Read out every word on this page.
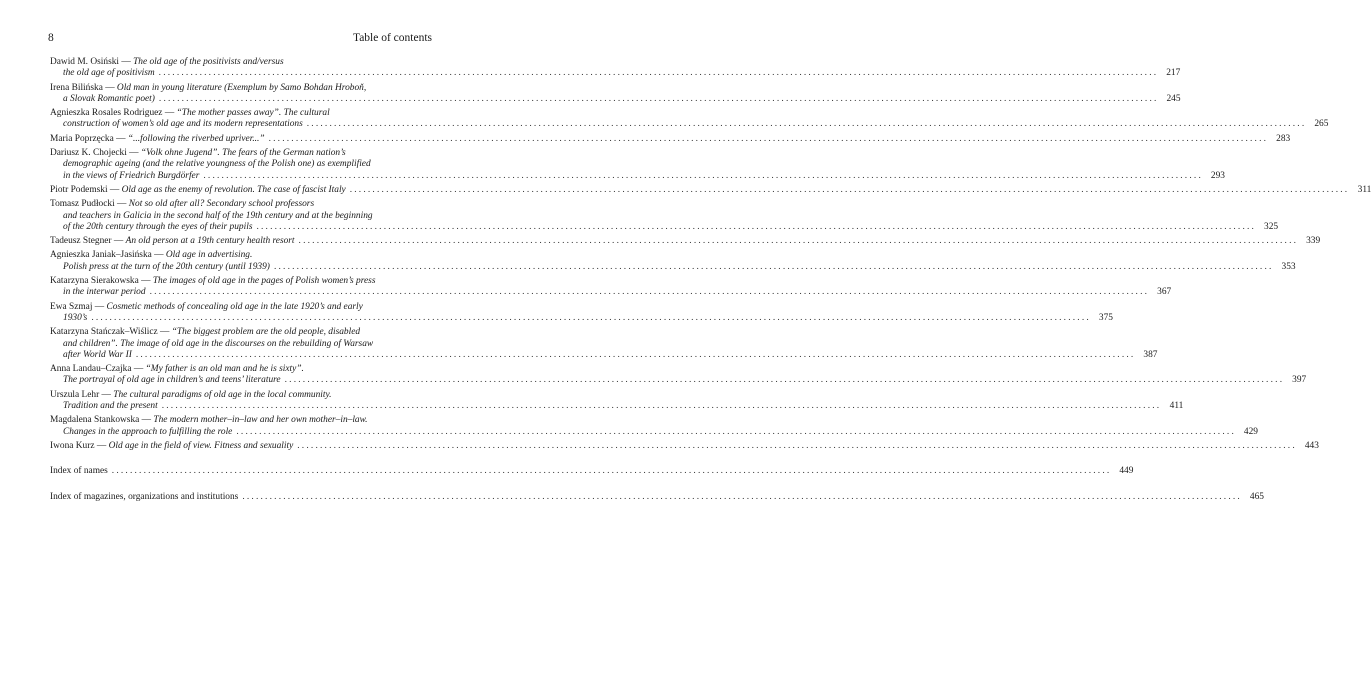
8	Table of contents
Dawid M. Osiński — The old age of the positivists and/versus
the old age of positivism ............................................................................................................................................................................................................................ 217
Irena Bilińska — Old man in young literature (Exemplum by Samo Bohdan Hroboň,
a Slovak Romantic poet) ............................................................................................................................................................................................................................ 245
Agnieszka Rosales Rodriguez — “The mother passes away”. The cultural
construction of women’s old age and its modern representations ............................................................................................................................................................................................................................ 265
Maria Poprzęcka — “...following the riverbed upriver...” ............................................................................................................................................................................................................................ 283
Dariusz K. Chojecki — “Volk ohne Jugend”. The fears of the German nation’s
demographic ageing (and the relative youngness of the Polish one) as exemplified
in the views of Friedrich Burgdörfer ............................................................................................................................................................................................................................ 293
Piotr Podemski — Old age as the enemy of revolution. The case of fascist Italy ............................................................................................................................................................................................................................ 311
Tomasz Pudłocki — Not so old after all? Secondary school professors
and teachers in Galicia in the second half of the 19th century and at the beginning
of the 20th century through the eyes of their pupils ............................................................................................................................................................................................................................ 325
Tadeusz Stegner — An old person at a 19th century health resort ............................................................................................................................................................................................................................ 339
Agnieszka Janiak–Jasińska — Old age in advertising.
Polish press at the turn of the 20th century (until 1939) ............................................................................................................................................................................................................................ 353
Katarzyna Sierakowska — The images of old age in the pages of Polish women’s press
in the interwar period ............................................................................................................................................................................................................................ 367
Ewa Szmaj — Cosmetic methods of concealing old age in the late 1920’s and early
1930’s ............................................................................................................................................................................................................................ 375
Katarzyna Stańczak–Wiślicz — “The biggest problem are the old people, disabled
and children”. The image of old age in the discourses on the rebuilding of Warsaw
after World War II ............................................................................................................................................................................................................................ 387
Anna Landau–Czajka — “My father is an old man and he is sixty”.
The portrayal of old age in children’s and teens’ literature ............................................................................................................................................................................................................................ 397
Urszula Lehr — The cultural paradigms of old age in the local community.
Tradition and the present ............................................................................................................................................................................................................................ 411
Magdalena Stankowska — The modern mother–in–law and her own mother–in–law.
Changes in the approach to fulfilling the role ............................................................................................................................................................................................................................ 429
Iwona Kurz — Old age in the field of view. Fitness and sexuality ............................................................................................................................................................................................................................ 443
Index of names ............................................................................................................................................................................................................................ 449
Index of magazines, organizations and institutions ............................................................................................................................................................................................................................ 465
